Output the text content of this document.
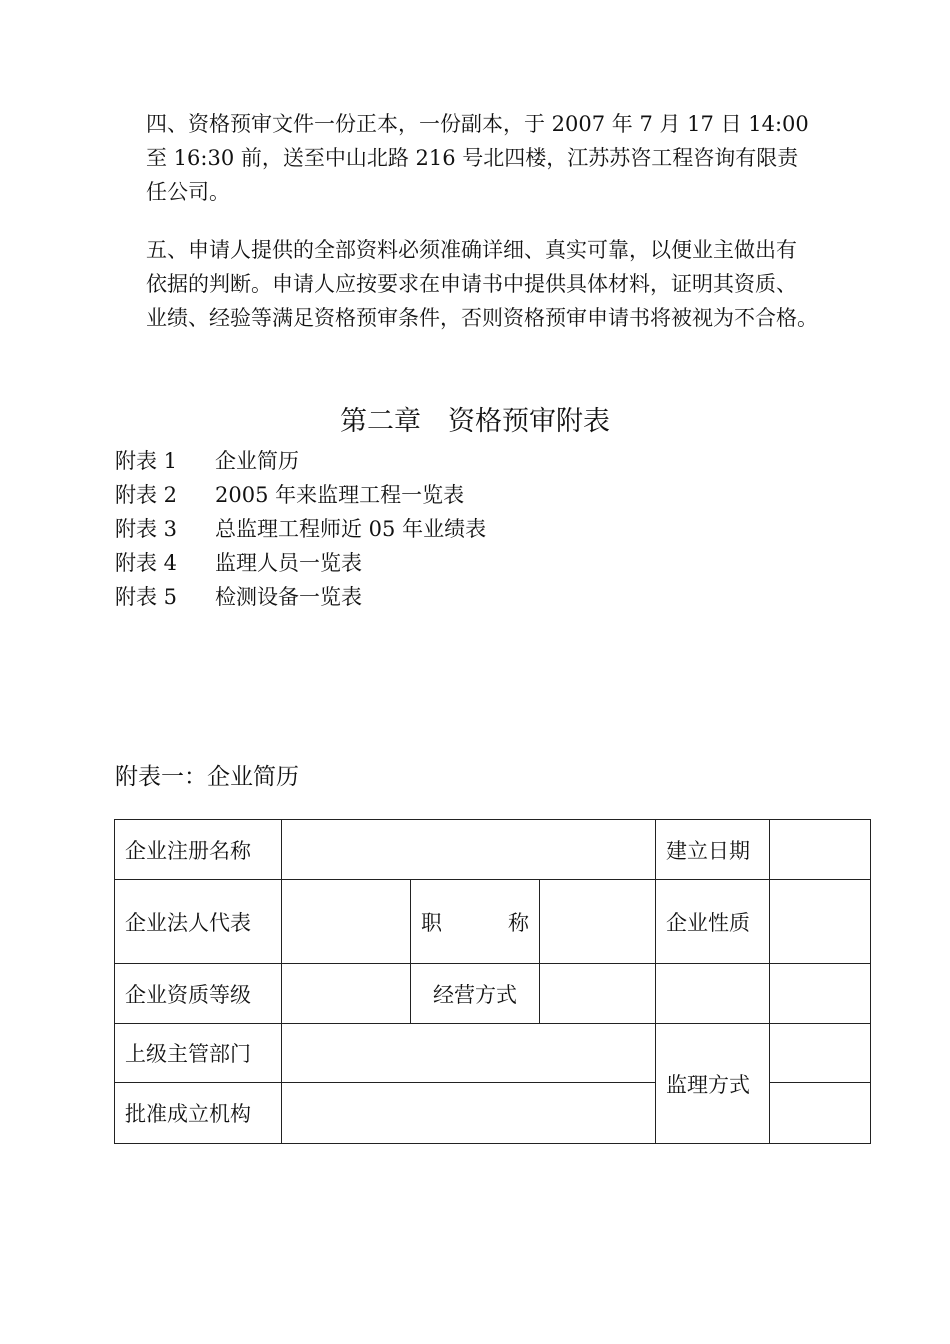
四、资格预审文件一份正本，一份副本，于 2007 年 7 月 17 日 14:00
至 16:30 前，送至中山北路 216 号北四楼，江苏苏咨工程咨询有限责
任公司。
五、申请人提供的全部资料必须准确详细、真实可靠，以便业主做出有
依据的判断。申请人应按要求在申请书中提供具体材料，证明其资质、
业绩、经验等满足资格预审条件，否则资格预审申请书将被视为不合格。
第二章　资格预审附表
附表 1 企业简历
附表 2 2005 年来监理工程一览表
附表 3 总监理工程师近 05 年业绩表
附表 4 监理人员一览表
附表 5 检测设备一览表
附表一：企业简历
企业注册名称				建立日期	
企业法人代表		职 称		企业性质	
企业资质等级		经营方式			
上级主管部门				监理方式	
批准成立机构					
